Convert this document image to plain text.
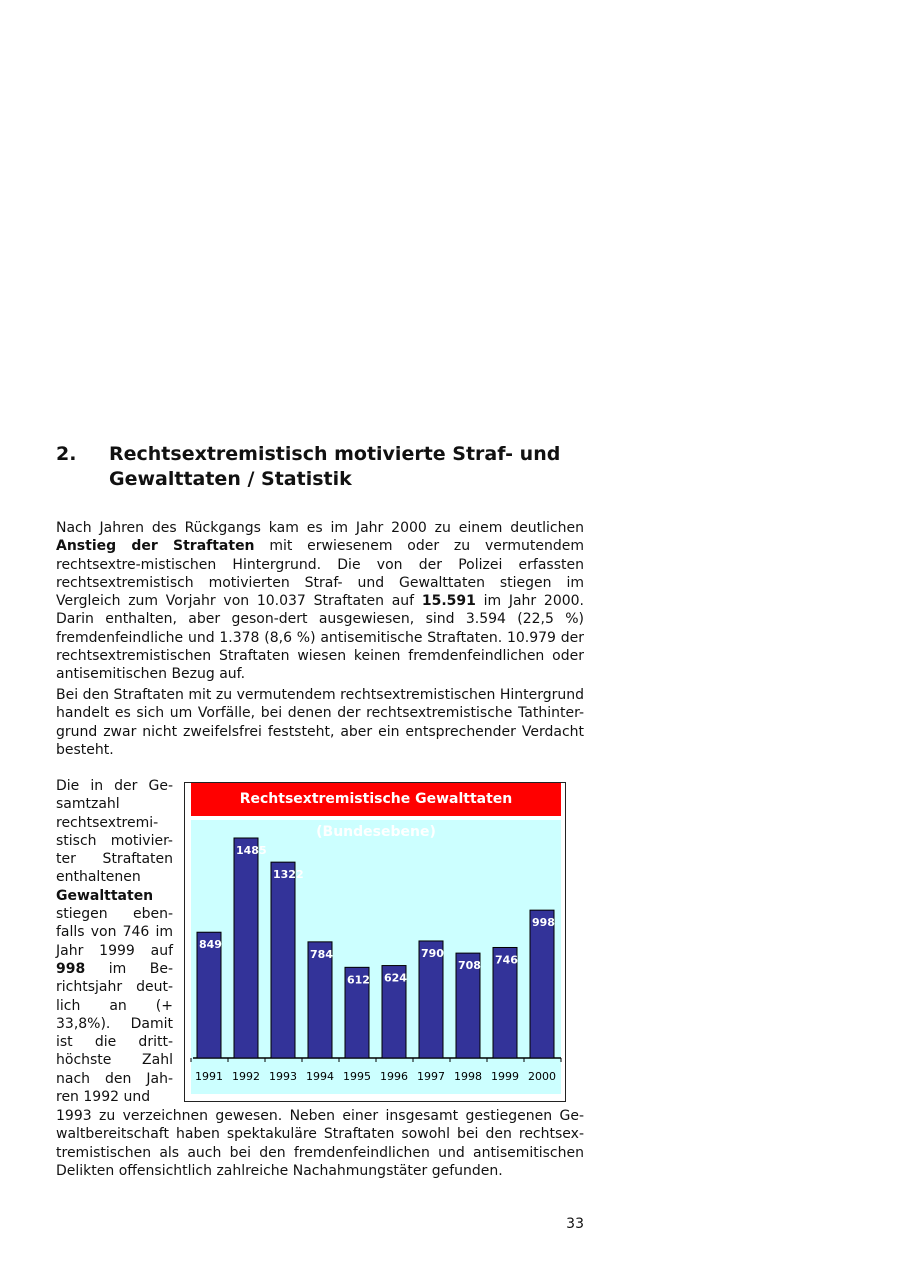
2. Rechtsextremistisch motivierte Straf- und
Gewalttaten / Statistik

Nach Jahren des Rückgangs kam es im Jahr 2000 zu einem deutlichen Anstieg der Straftaten mit erwiesenem oder zu vermutendem rechtsextre-mistischen Hintergrund. Die von der Polizei erfassten rechtsextremistisch motivierten Straf- und Gewalttaten stiegen im Vergleich zum Vorjahr von 10.037 Straftaten auf 15.591 im Jahr 2000. Darin enthalten, aber geson-dert ausgewiesen, sind 3.594 (22,5 %) fremdenfeindliche und 1.378 (8,6 %) antisemitische Straftaten. 10.979 der rechtsextremistischen Straftaten wiesen keinen fremdenfeindlichen oder antisemitischen Bezug auf.

Bei den Straftaten mit zu vermutendem rechtsextremistischen Hintergrund handelt es sich um Vorfälle, bei denen der rechtsextremistische Tathinter-grund zwar nicht zweifelsfrei feststeht, aber ein entsprechender Verdacht besteht.

Die in der Ge-samtzahl rechtsextremi-stisch motivier-ter Straftaten enthaltenen Gewalttaten stiegen eben-falls von 746 im Jahr 1999 auf 998 im Be-richtsjahr deut-lich an (+ 33,8%). Damit ist die dritt-höchste Zahl nach den Jah-ren 1992 und

1993 zu verzeichnen gewesen. Neben einer insgesamt gestiegenen Ge-waltbereitschaft haben spektakuläre Straftaten sowohl bei den rechtsex-tremistischen als auch bei den fremdenfeindlichen und antisemitischen Delikten offensichtlich zahlreiche Nachahmungstäter gefunden.

849
1485
1322
784
612 624
790
708 746
998
1991 1992 1993 1994 1995 1996 1997 1998 1999 2000
Rechtsextremistische Gewalttaten (Bundesebene)
33
